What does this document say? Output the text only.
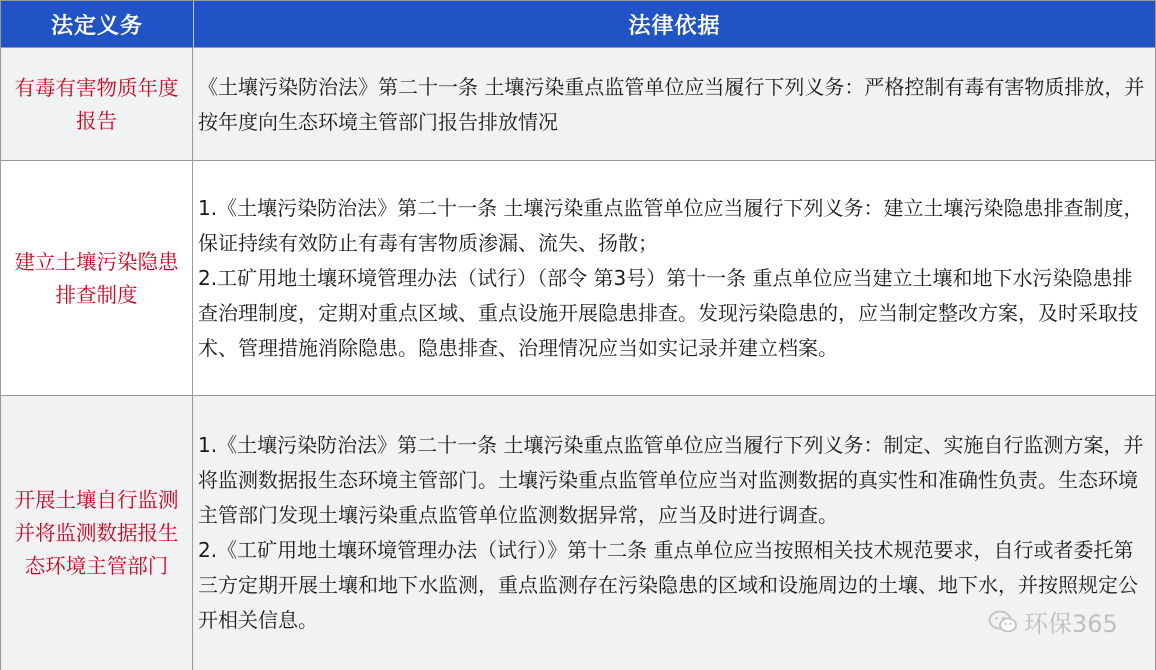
法定义务	法律依据
有毒有害物质年度报告

《土壤污染防治法》第二十一条 土壤污染重点监管单位应当履行下列义务：严格控制有毒有害物质排放，并按年度向生态环境主管部门报告排放情况

建立土壤污染隐患排查制度

1.《土壤污染防治法》第二十一条 土壤污染重点监管单位应当履行下列义务：建立土壤污染隐患排查制度，保证持续有效防止有毒有害物质渗漏、流失、扬散；

2.工矿用地土壤环境管理办法（试行）（部令 第3号）第十一条 重点单位应当建立土壤和地下水污染隐患排查治理制度，定期对重点区域、重点设施开展隐患排查。发现污染隐患的，应当制定整改方案，及时采取技术、管理措施消除隐患。隐患排查、治理情况应当如实记录并建立档案。

开展土壤自行监测并将监测数据报生态环境主管部门

1.《土壤污染防治法》第二十一条 土壤污染重点监管单位应当履行下列义务：制定、实施自行监测方案，并将监测数据报生态环境主管部门。土壤污染重点监管单位应当对监测数据的真实性和准确性负责。生态环境主管部门发现土壤污染重点监管单位监测数据异常，应当及时进行调查。

2.《工矿用地土壤环境管理办法（试行）》第十二条 重点单位应当按照相关技术规范要求，自行或者委托第三方定期开展土壤和地下水监测，重点监测存在污染隐患的区域和设施周边的土壤、地下水，并按照规定公开相关信息。	环保365
